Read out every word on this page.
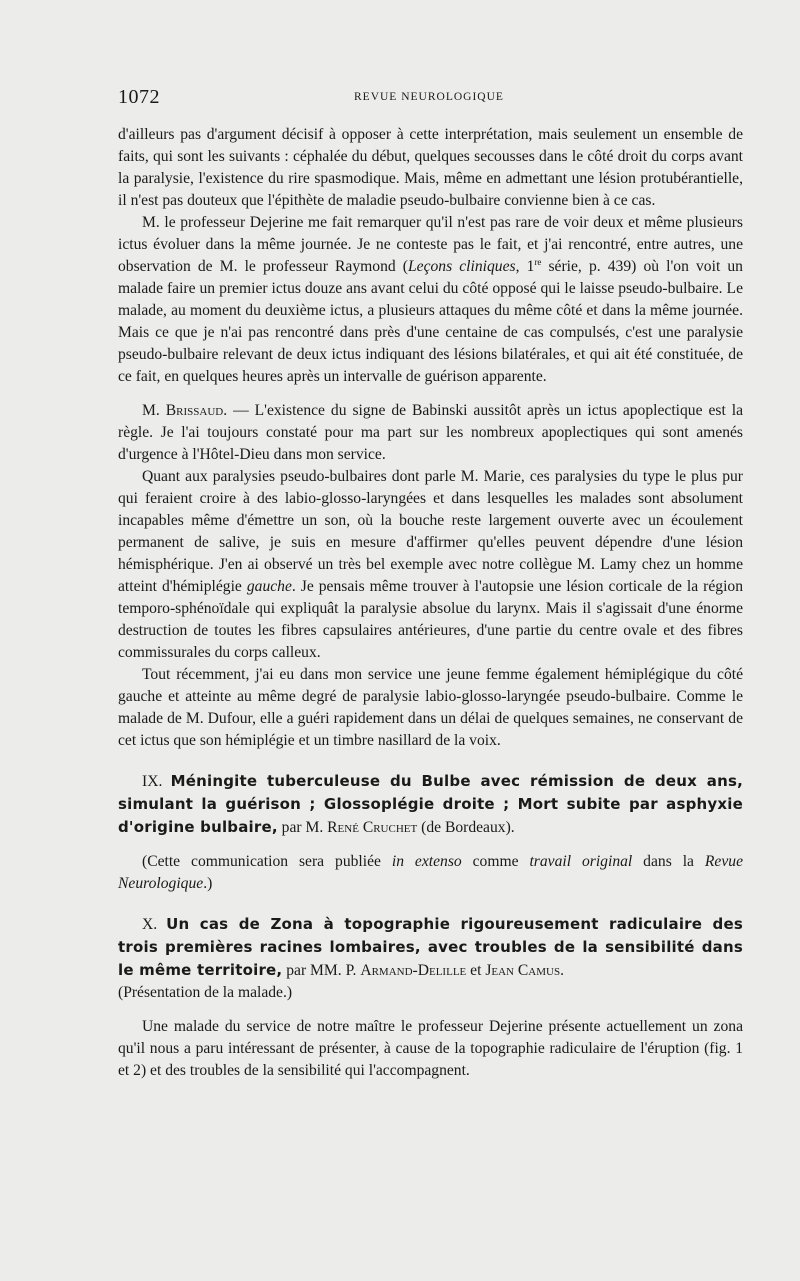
1072	REVUE NEUROLOGIQUE

d'ailleurs pas d'argument décisif à opposer à cette interprétation, mais seulement un ensemble de faits, qui sont les suivants : céphalée du début, quelques secousses dans le côté droit du corps avant la paralysie, l'existence du rire spasmodique. Mais, même en admettant une lésion protubérantielle, il n'est pas douteux que l'épithète de maladie pseudo-bulbaire convienne bien à ce cas.

M. le professeur Dejerine me fait remarquer qu'il n'est pas rare de voir deux et même plusieurs ictus évoluer dans la même journée. Je ne conteste pas le fait, et j'ai rencontré, entre autres, une observation de M. le professeur Raymond (Leçons cliniques, 1re série, p. 439) où l'on voit un malade faire un premier ictus douze ans avant celui du côté opposé qui le laisse pseudo-bulbaire. Le malade, au moment du deuxième ictus, a plusieurs attaques du même côté et dans la même journée. Mais ce que je n'ai pas rencontré dans près d'une centaine de cas compulsés, c'est une paralysie pseudo-bulbaire relevant de deux ictus indiquant des lésions bilatérales, et qui ait été constituée, de ce fait, en quelques heures après un intervalle de guérison apparente.

M. Brissaud. — L'existence du signe de Babinski aussitôt après un ictus apoplectique est la règle. Je l'ai toujours constaté pour ma part sur les nombreux apoplectiques qui sont amenés d'urgence à l'Hôtel-Dieu dans mon service.

Quant aux paralysies pseudo-bulbaires dont parle M. Marie, ces paralysies du type le plus pur qui feraient croire à des labio-glosso-laryngées et dans lesquelles les malades sont absolument incapables même d'émettre un son, où la bouche reste largement ouverte avec un écoulement permanent de salive, je suis en mesure d'affirmer qu'elles peuvent dépendre d'une lésion hémisphérique. J'en ai observé un très bel exemple avec notre collègue M. Lamy chez un homme atteint d'hémiplégie gauche. Je pensais même trouver à l'autopsie une lésion corticale de la région temporo-sphénoïdale qui expliquât la paralysie absolue du larynx. Mais il s'agissait d'une énorme destruction de toutes les fibres capsulaires antérieures, d'une partie du centre ovale et des fibres commissurales du corps calleux.

Tout récemment, j'ai eu dans mon service une jeune femme également hémiplégique du côté gauche et atteinte au même degré de paralysie labio-glosso-laryngée pseudo-bulbaire. Comme le malade de M. Dufour, elle a guéri rapidement dans un délai de quelques semaines, ne conservant de cet ictus que son hémiplégie et un timbre nasillard de la voix.

IX. Méningite tuberculeuse du Bulbe avec rémission de deux ans, simulant la guérison ; Glossoplégie droite ; Mort subite par asphyxie d'origine bulbaire, par M. René Cruchet (de Bordeaux).

(Cette communication sera publiée in extenso comme travail original dans la Revue Neurologique.)

X. Un cas de Zona à topographie rigoureusement radiculaire des trois premières racines lombaires, avec troubles de la sensibilité dans le même territoire, par MM. P. Armand-Delille et Jean Camus.

(Présentation de la malade.)

Une malade du service de notre maître le professeur Dejerine présente actuellement un zona qu'il nous a paru intéressant de présenter, à cause de la topographie radiculaire de l'éruption (fig. 1 et 2) et des troubles de la sensibilité qui l'accompagnent.
